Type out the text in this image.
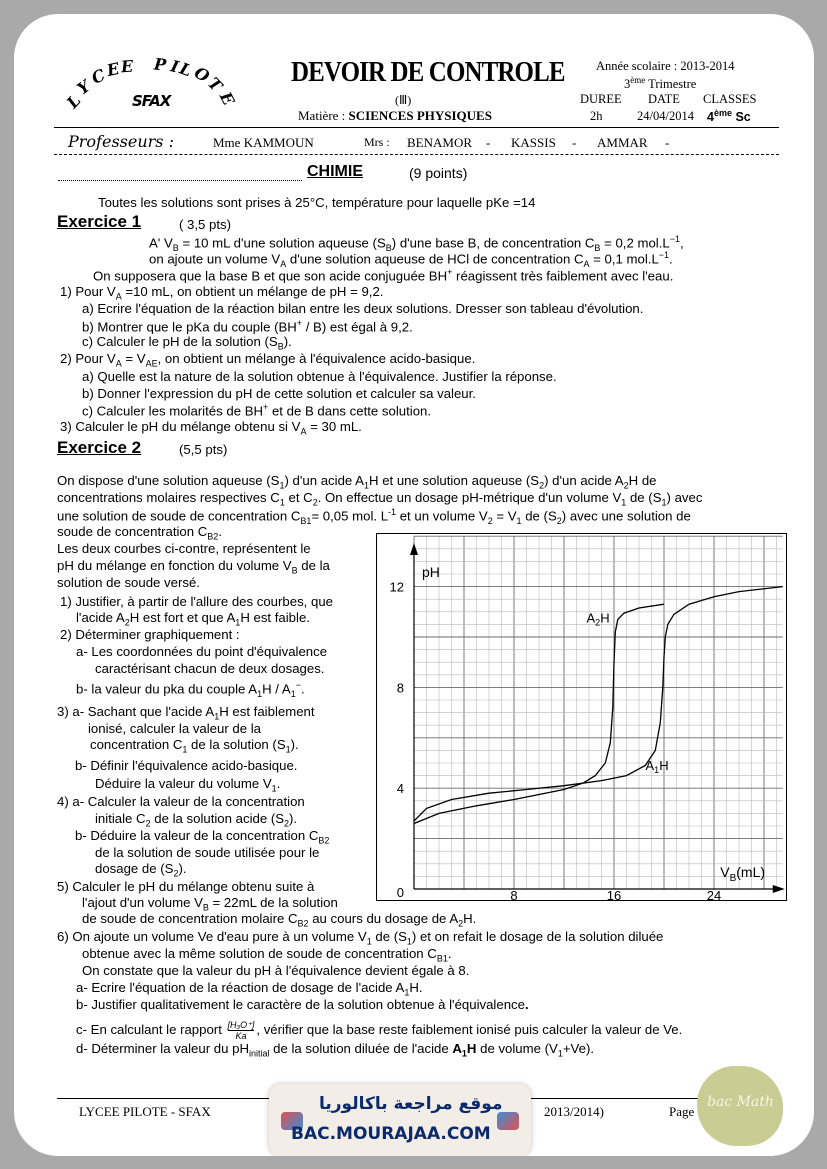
L
Y
C
E E P I
L
O
T
E
SFAX
DEVOIR DE CONTROLE
(Ⅲ)
Matière : SCIENCES PHYSIQUES
Année scolaire : 2013-2014
3ème Trimestre
DUREE DATE CLASSES
2h	24/04/2014 4ème Sc
Professeurs :	Mme KAMMOUN	Mrs : BENAMOR - KASSIS - AMMAR -
CHIMIE	(9 points)
Toutes les solutions sont prises à 25°C, température pour laquelle pKe =14
Exercice 1	( 3,5 pts)
A' $V_B = 10$ mL d'une solution aqueuse $(S_B)$ d'une base B, de concentration $C_B = 0,2$ $mol.L^{-1}$,
on ajoute un volume $V_A$ d'une solution aqueuse de HCl de concentration $C_A = 0,1$ $mol.L^{-1}$.
On supposera que la base B et que son acide conjuguée BH+ réagissent très faiblement avec l'eau.
1) Pour $V_A =10$ mL, on obtient un mélange de pH = 9,2.
a) Ecrire l'équation de la réaction bilan entre les deux solutions. Dresser son tableau d'évolution.
b) Montrer que le pKa du couple (BH+ / B) est égal à 9,2.
c) Calculer le pH de la solution $(S_B)$.
2) Pour $V_A = V_{AE}$, on obtient un mélange à l'équivalence acido-basique.
a) Quelle est la nature de la solution obtenue à l'équivalence. Justifier la réponse.
b) Donner l'expression du pH de cette solution et calculer sa valeur.
c) Calculer les molarités de BH+ et de B dans cette solution.
3) Calculer le pH du mélange obtenu si $V_A = 30$ mL.
Exercice 2	(5,5 pts)
On dispose d'une solution aqueuse $(S_1)$ d'un acide $A_1H$ et une solution aqueuse $(S_2)$ d'un acide $A_2H$ de
concentrations molaires respectives $C_1$ et $C_2$. On effectue un dosage pH-métrique d'un volume $V_1$ de $(S_1)$ avec
une solution de soude de concentration $C_{B1}= 0,05$ mol. $L^{-1}$ et un volume $V_2 = V_1$ de $(S_2)$ avec une solution de
soude de concentration $C_{B2}$.
Les deux courbes ci-contre, représentent le
pH du mélange en fonction du volume $V_B$ de la
solution de soude versé.
1) Justifier, à partir de l'allure des courbes, que
l'acide $A_2H$ est fort et que $A_1H$ est faible.
2) Déterminer graphiquement :
a- Les coordonnées du point d'équivalence
caractérisant chacun de deux dosages.
b- la valeur du pka du couple $A_1H / A_1^-$.
3) a- Sachant que l'acide $A_1H$ est faiblement
ionisé, calculer la valeur de la
concentration $C_1$ de la solution $(S_1)$.
b- Définir l'équivalence acido-basique.
Déduire la valeur du volume $V_1$.
4) a- Calculer la valeur de la concentration
initiale $C_2$ de la solution acide $(S_2)$.
b- Déduire la valeur de la concentration $C_{B2}$
de la solution de soude utilisée pour le
dosage de $(S_2)$.
5) Calculer le pH du mélange obtenu suite à
l'ajout d'un volume $V_B = 22mL$ de la solution
de soude de concentration molaire $C_{B2}$ au cours du dosage de $A_2H$.
6) On ajoute un volume Ve d'eau pure à un volume $V_1$ de $(S_1)$ et on refait le dosage de la solution diluée
obtenue avec la même solution de soude de concentration $C_{B1}$.
On constate que la valeur du pH à l'équivalence devient égale à 8.
a- Ecrire l'équation de la réaction de dosage de l'acide $A_1H$.
b- Justifier qualitativement le caractère de la solution obtenue à l'équivalence.
c- En calculant le rapport $\frac{\text{[H₃O⁺]}}{Ka}$ , vérifier que la base reste faiblement ionisé puis calculer la valeur de Ve.
d- Déterminer la valeur du $pH_{initial}$ de la solution diluée de l'acide $A_1H$ de volume $(V_1+Ve)$.
8	16	24
4
8
12
$A_2H$
$A_1H$
pH
$V_B(mL)$
0
LYCEE PILOTE - SFAX	2013/2014)	Page
موقع مراجعة باكالوريا
BAC.MOURAJAA.COM
bac Math
